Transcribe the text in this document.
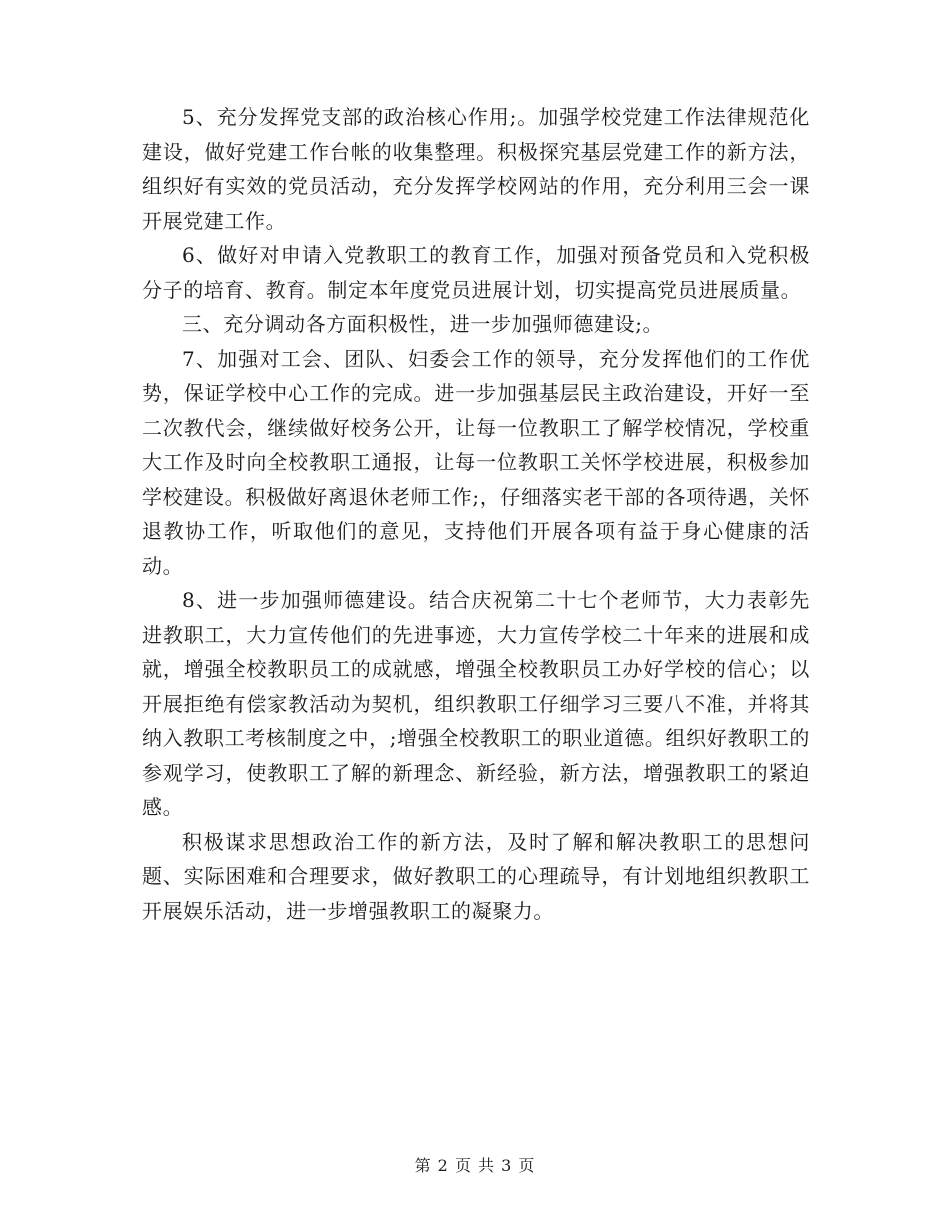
5、充分发挥党支部的政治核心作用;。加强学校党建工作法律规范化建设，做好党建工作台帐的收集整理。积极探究基层党建工作的新方法，组织好有实效的党员活动，充分发挥学校网站的作用，充分利用三会一课开展党建工作。

6、做好对申请入党教职工的教育工作，加强对预备党员和入党积极分子的培育、教育。制定本年度党员进展计划，切实提高党员进展质量。

三、充分调动各方面积极性，进一步加强师德建设;。

7、加强对工会、团队、妇委会工作的领导，充分发挥他们的工作优势，保证学校中心工作的完成。进一步加强基层民主政治建设，开好一至二次教代会，继续做好校务公开，让每一位教职工了解学校情况，学校重大工作及时向全校教职工通报，让每一位教职工关怀学校进展，积极参加学校建设。积极做好离退休老师工作;，仔细落实老干部的各项待遇，关怀退教协工作，听取他们的意见，支持他们开展各项有益于身心健康的活动。

8、进一步加强师德建设。结合庆祝第二十七个老师节，大力表彰先进教职工，大力宣传他们的先进事迹，大力宣传学校二十年来的进展和成就，增强全校教职员工的成就感，增强全校教职员工办好学校的信心；以开展拒绝有偿家教活动为契机，组织教职工仔细学习三要八不准，并将其纳入教职工考核制度之中，;增强全校教职工的职业道德。组织好教职工的参观学习，使教职工了解的新理念、新经验，新方法，增强教职工的紧迫感。

积极谋求思想政治工作的新方法，及时了解和解决教职工的思想问题、实际困难和合理要求，做好教职工的心理疏导，有计划地组织教职工开展娱乐活动，进一步增强教职工的凝聚力。

第 2 页 共 3 页
